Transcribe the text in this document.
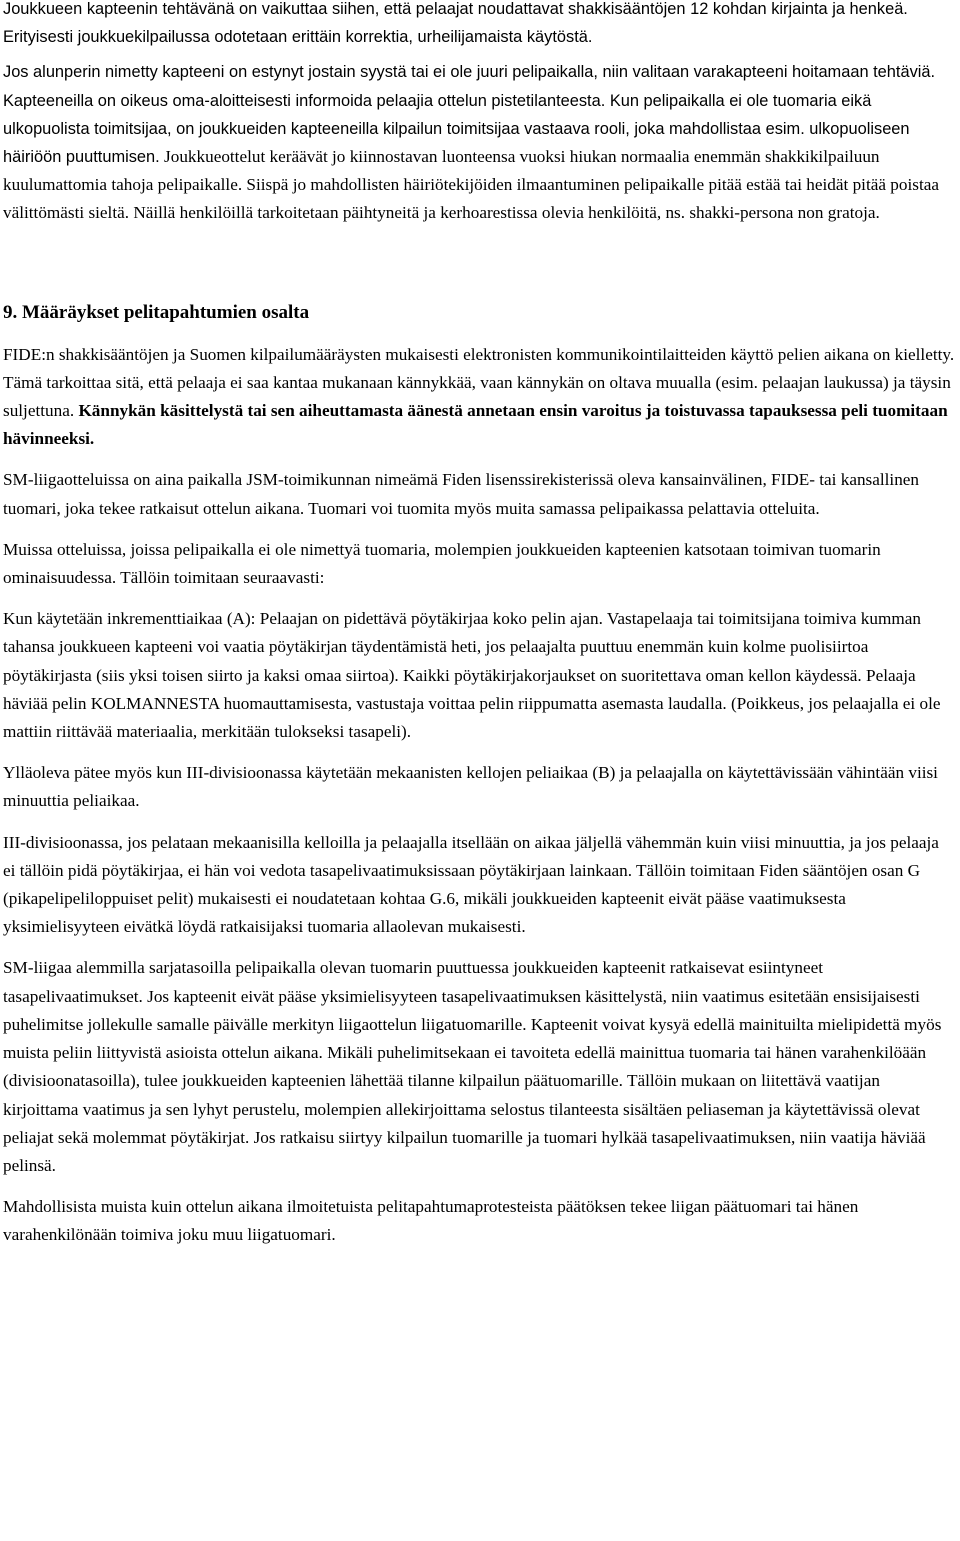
Joukkueen kapteenin tehtävänä on vaikuttaa siihen, että pelaajat noudattavat shakkisääntöjen 12 kohdan kirjainta ja henkeä. Erityisesti joukkuekilpailussa odotetaan erittäin korrektia, urheilijamaista käytöstä.

Jos alunperin nimetty kapteeni on estynyt jostain syystä tai ei ole juuri pelipaikalla, niin valitaan varakapteeni hoitamaan tehtäviä. Kapteeneilla on oikeus oma-aloitteisesti informoida pelaajia ottelun pistetilanteesta. Kun pelipaikalla ei ole tuomaria eikä ulkopuolista toimitsijaa, on joukkueiden kapteeneilla kilpailun toimitsijaa vastaava rooli, joka mahdollistaa esim. ulkopuoliseen häiriöön puuttumisen. Joukkueottelut keräävät jo kiinnostavan luonteensa vuoksi hiukan normaalia enemmän shakkikilpailuun kuulumattomia tahoja pelipaikalle. Siispä jo mahdollisten häiriötekijöiden ilmaantuminen pelipaikalle pitää estää tai heidät pitää poistaa välittömästi sieltä. Näillä henkilöillä tarkoitetaan päihtyneitä ja kerhoarestissa olevia henkilöitä, ns. shakki-persona non gratoja.

9. Määräykset pelitapahtumien osalta

FIDE:n shakkisääntöjen ja Suomen kilpailumääräysten mukaisesti elektronisten kommunikointilaitteiden käyttö pelien aikana on kielletty. Tämä tarkoittaa sitä, että pelaaja ei saa kantaa mukanaan kännykkää, vaan kännykän on oltava muualla (esim. pelaajan laukussa) ja täysin suljettuna. Kännykän käsittelystä tai sen aiheuttamasta äänestä annetaan ensin varoitus ja toistuvassa tapauksessa peli tuomitaan hävinneeksi.

SM-liigaotteluissa on aina paikalla JSM-toimikunnan nimeämä Fiden lisenssirekisterissä oleva kansainvälinen, FIDE- tai kansallinen tuomari, joka tekee ratkaisut ottelun aikana. Tuomari voi tuomita myös muita samassa pelipaikassa pelattavia otteluita.

Muissa otteluissa, joissa pelipaikalla ei ole nimettyä tuomaria, molempien joukkueiden kapteenien katsotaan toimivan tuomarin ominaisuudessa. Tällöin toimitaan seuraavasti:

Kun käytetään inkrementtiaikaa (A): Pelaajan on pidettävä pöytäkirjaa koko pelin ajan. Vastapelaaja tai toimitsijana toimiva kumman tahansa joukkueen kapteeni voi vaatia pöytäkirjan täydentämistä heti, jos pelaajalta puuttuu enemmän kuin kolme puolisiirtoa pöytäkirjasta (siis yksi toisen siirto ja kaksi omaa siirtoa). Kaikki pöytäkirjakorjaukset on suoritettava oman kellon käydessä. Pelaaja häviää pelin KOLMANNESTA huomauttamisesta, vastustaja voittaa pelin riippumatta asemasta laudalla. (Poikkeus, jos pelaajalla ei ole mattiin riittävää materiaalia, merkitään tulokseksi tasapeli).

Ylläoleva pätee myös kun III-divisioonassa käytetään mekaanisten kellojen peliaikaa (B) ja pelaajalla on käytettävissään vähintään viisi minuuttia peliaikaa.

III-divisioonassa, jos pelataan mekaanisilla kelloilla ja pelaajalla itsellään on aikaa jäljellä vähemmän kuin viisi minuuttia, ja jos pelaaja ei tällöin pidä pöytäkirjaa, ei hän voi vedota tasapelivaatimuksissaan pöytäkirjaan lainkaan. Tällöin toimitaan Fiden sääntöjen osan G (pikapelipeliloppuiset pelit) mukaisesti ei noudatetaan kohtaa G.6, mikäli joukkueiden kapteenit eivät pääse vaatimuksesta yksimielisyyteen eivätkä löydä ratkaisijaksi tuomaria allaolevan mukaisesti.

SM-liigaa alemmilla sarjatasoilla pelipaikalla olevan tuomarin puuttuessa joukkueiden kapteenit ratkaisevat esiintyneet tasapelivaatimukset. Jos kapteenit eivät pääse yksimielisyyteen tasapelivaatimuksen käsittelystä, niin vaatimus esitetään ensisijaisesti puhelimitse jollekulle samalle päivälle merkityn liigaottelun liigatuomarille. Kapteenit voivat kysyä edellä mainituilta mielipidettä myös muista peliin liittyvistä asioista ottelun aikana. Mikäli puhelimitsekaan ei tavoiteta edellä mainittua tuomaria tai hänen varahenkilöään (divisioonatasoilla), tulee joukkueiden kapteenien lähettää tilanne kilpailun päätuomarille. Tällöin mukaan on liitettävä vaatijan kirjoittama vaatimus ja sen lyhyt perustelu, molempien allekirjoittama selostus tilanteesta sisältäen peliaseman ja käytettävissä olevat peliajat sekä molemmat pöytäkirjat. Jos ratkaisu siirtyy kilpailun tuomarille ja tuomari hylkää tasapelivaatimuksen, niin vaatija häviää pelinsä.

Mahdollisista muista kuin ottelun aikana ilmoitetuista pelitapahtumaprotesteista päätöksen tekee liigan päätuomari tai hänen varahenkilönään toimiva joku muu liigatuomari.
